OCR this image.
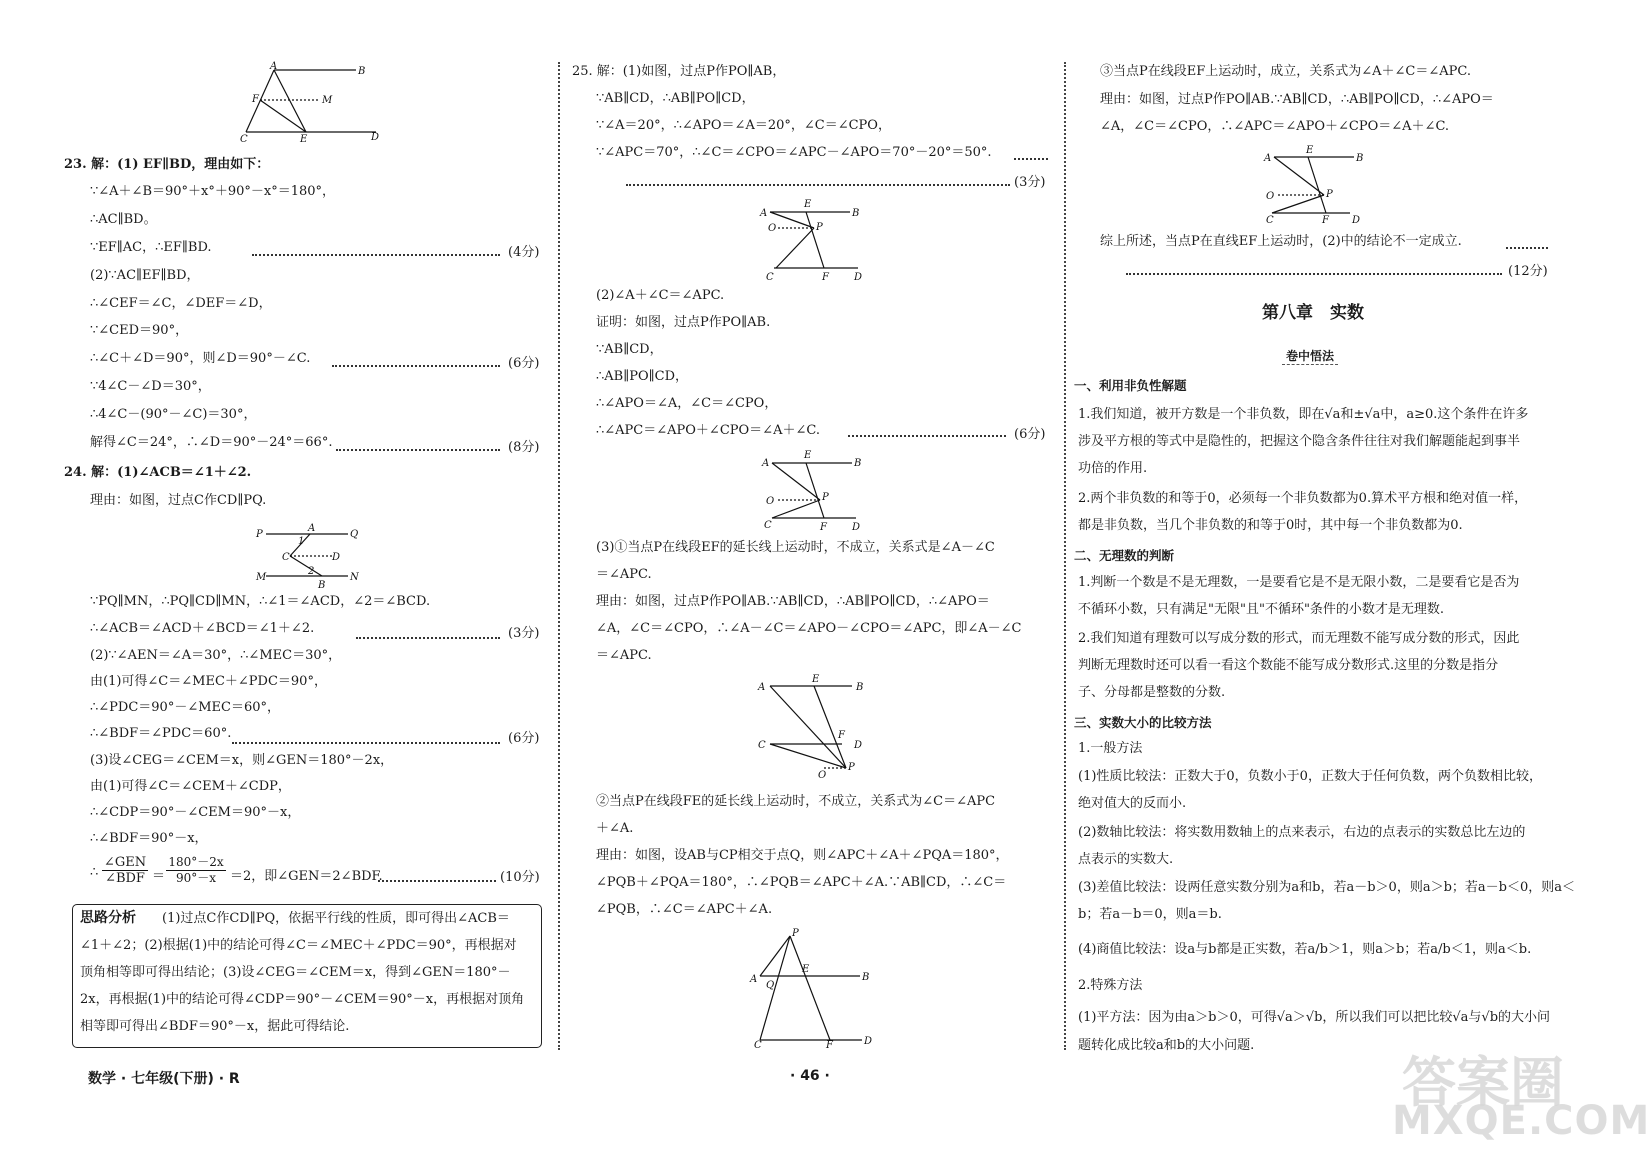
A	B
F	M
C	E	D
23. 解：(1) EF∥BD，理由如下：
∵∠A＋∠B＝90°＋x°＋90°－x°＝180°，
∴AC∥BD。
∵EF∥AC，∴EF∥BD.
(2)∵AC∥EF∥BD，
∴∠CEF＝∠C，∠DEF＝∠D，
∵∠CED＝90°，
∴∠C＋∠D＝90°，则∠D＝90°－∠C.
∵4∠C－∠D＝30°，
∴4∠C－(90°－∠C)＝30°，
解得∠C＝24°，∴∠D＝90°－24°＝66°.
(4分)
(6分)
(8分)
24. 解：(1)∠ACB＝∠1＋∠2.
理由：如图，过点C作CD∥PQ.
P
A
Q
1
C	D
2
M
B
N
∵PQ∥MN，∴PQ∥CD∥MN，∴∠1＝∠ACD，∠2＝∠BCD.
∴∠ACB＝∠ACD＋∠BCD＝∠1＋∠2.
(2)∵∠AEN＝∠A＝30°，∴∠MEC＝30°，
由(1)可得∠C＝∠MEC＋∠PDC＝90°，
∴∠PDC＝90°－∠MEC＝60°，
∴∠BDF＝∠PDC＝60°.
(3)设∠CEG＝∠CEM＝x，则∠GEN＝180°－2x，
由(1)可得∠C＝∠CEM＋∠CDP，
∴∠CDP＝90°－∠CEM＝90°－x，
∴∠BDF＝90°－x，
(3分)
(6分)
∴
∠GEN
∠BDF ＝ $\frac{180^\circ-2x}{90^\circ-x} =2$，即∠GEN＝2∠BDF.	(10分)
思路分析 (1)过点C作CD∥PQ，依据平行线的性质，即可得出∠ACB＝
∠1＋∠2；(2)根据(1)中的结论可得∠C＝∠MEC＋∠PDC＝90°，再根据对
顶角相等即可得出结论；(3)设∠CEG＝∠CEM＝x，得到∠GEN＝180°－
2x，再根据(1)中的结论可得∠CDP＝90°－∠CEM＝90°－x，再根据对顶角
相等即可得出∠BDF＝90°－x，据此可得结论.
数学 · 七年级(下册) · R
25. 解：(1)如图，过点P作PO∥AB，
∵AB∥CD，∴AB∥PO∥CD，
∵∠A＝20°，∴∠APO＝∠A＝20°，∠C＝∠CPO，
∵∠APC＝70°，∴∠C＝∠CPO＝∠APC－∠APO＝70°－20°＝50°.
(3分)
A
E
B
O	P
C	F	D
(2)∠A＋∠C＝∠APC.
证明：如图，过点P作PO∥AB.
∵AB∥CD，
∴AB∥PO∥CD，
∴∠APO＝∠A，∠C＝∠CPO，
∴∠APC＝∠APO＋∠CPO＝∠A＋∠C.	(6分)
A
E
B
O	P
C	F	D
(3)①当点P在线段EF的延长线上运动时，不成立，关系式是∠A－∠C
＝∠APC.
理由：如图，过点P作PO∥AB.∵AB∥CD，∴AB∥PO∥CD，∴∠APO＝
∠A，∠C＝∠CPO，∴∠A－∠C＝∠APO－∠CPO＝∠APC，即∠A－∠C
＝∠APC.
A
E
B
C
F
D
O
P
②当点P在线段FE的延长线上运动时，不成立，关系式为∠C＝∠APC
＋∠A.
理由：如图，设AB与CP相交于点Q，则∠APC＋∠A＋∠PQA＝180°，
∠PQB＋∠PQA＝180°，∴∠PQB＝∠APC＋∠A.∵AB∥CD，∴∠C＝
∠PQB，∴∠C＝∠APC＋∠A.
P
A
E
B
Q
C	F	D
· 46 ·
③当点P在线段EF上运动时，成立，关系式为∠A＋∠C＝∠APC.
理由：如图，过点P作PO∥AB.∵AB∥CD，∴AB∥PO∥CD，∴∠APO＝
∠A，∠C＝∠CPO，∴∠APC＝∠APO＋∠CPO＝∠A＋∠C.
A
E
B
O	P
C	F D
综上所述，当点P在直线EF上运动时，(2)中的结论不一定成立.
(12分)
第八章　实数
卷中悟法
一、利用非负性解题
1.我们知道，被开方数是一个非负数，即在√a和±√a中，a≥0.这个条件在许多
涉及平方根的等式中是隐性的，把握这个隐含条件往往对我们解题能起到事半
功倍的作用.
2.两个非负数的和等于0，必须每一个非负数都为0.算术平方根和绝对值一样，
都是非负数，当几个非负数的和等于0时，其中每一个非负数都为0.
二、无理数的判断
1.判断一个数是不是无理数，一是要看它是不是无限小数，二是要看它是否为
不循环小数，只有满足"无限"且"不循环"条件的小数才是无理数.
2.我们知道有理数可以写成分数的形式，而无理数不能写成分数的形式，因此
判断无理数时还可以看一看这个数能不能写成分数形式.这里的分数是指分
子、分母都是整数的分数.
三、实数大小的比较方法
1.一般方法
(1)性质比较法：正数大于0，负数小于0，正数大于任何负数，两个负数相比较，
绝对值大的反而小.
(2)数轴比较法：将实数用数轴上的点来表示，右边的点表示的实数总比左边的
点表示的实数大.
(3)差值比较法：设两任意实数分别为a和b，若a－b＞0，则a＞b；若a－b＜0，则a＜
b；若a－b＝0，则a＝b.
(4)商值比较法：设a与b都是正实数，若a/b＞1，则a＞b；若a/b＜1，则a＜b.
2.特殊方法
(1)平方法：因为由a＞b＞0，可得√a＞√b，所以我们可以把比较√a与√b的大小问
题转化成比较a和b的大小问题.
答案圈
MXQE.COM
